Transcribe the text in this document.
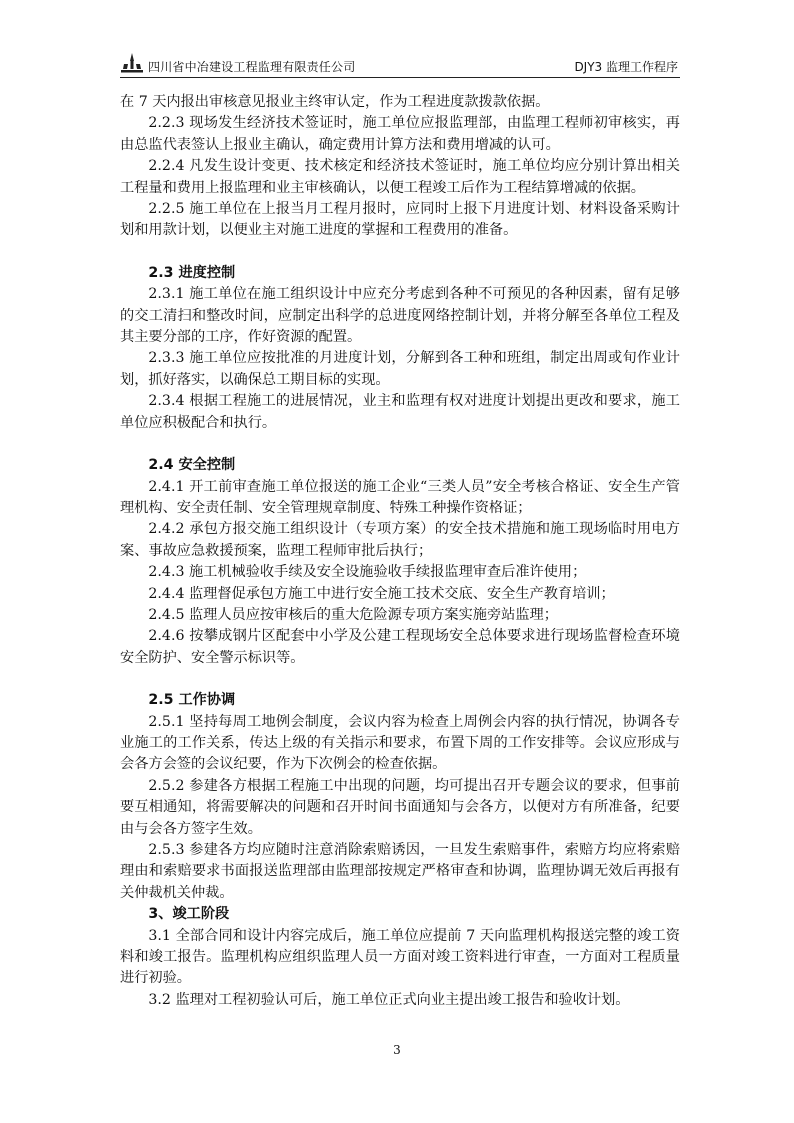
四川省中冶建设工程监理有限责任公司	DJY3 监理工作程序

在 7 天内报出审核意见报业主终审认定，作为工程进度款拨款依据。

2.2.3 现场发生经济技术签证时，施工单位应报监理部，由监理工程师初审核实，再由总监代表签认上报业主确认，确定费用计算方法和费用增减的认可。

2.2.4 凡发生设计变更、技术核定和经济技术签证时，施工单位均应分别计算出相关工程量和费用上报监理和业主审核确认，以便工程竣工后作为工程结算增减的依据。

2.2.5 施工单位在上报当月工程月报时，应同时上报下月进度计划、材料设备采购计划和用款计划，以便业主对施工进度的掌握和工程费用的准备。

2.3 进度控制

2.3.1 施工单位在施工组织设计中应充分考虑到各种不可预见的各种因素，留有足够的交工清扫和整改时间，应制定出科学的总进度网络控制计划，并将分解至各单位工程及其主要分部的工序，作好资源的配置。

2.3.3 施工单位应按批准的月进度计划，分解到各工种和班组，制定出周或旬作业计划，抓好落实，以确保总工期目标的实现。

2.3.4 根据工程施工的进展情况，业主和监理有权对进度计划提出更改和要求，施工单位应积极配合和执行。

2.4 安全控制

2.4.1 开工前审查施工单位报送的施工企业“三类人员”安全考核合格证、安全生产管理机构、安全责任制、安全管理规章制度、特殊工种操作资格证；

2.4.2 承包方报交施工组织设计（专项方案）的安全技术措施和施工现场临时用电方案、事故应急救援预案，监理工程师审批后执行；

2.4.3 施工机械验收手续及安全设施验收手续报监理审查后准许使用；

2.4.4 监理督促承包方施工中进行安全施工技术交底、安全生产教育培训；

2.4.5 监理人员应按审核后的重大危险源专项方案实施旁站监理；

2.4.6 按攀成钢片区配套中小学及公建工程现场安全总体要求进行现场监督检查环境安全防护、安全警示标识等。

2.5 工作协调

2.5.1 坚持每周工地例会制度，会议内容为检查上周例会内容的执行情况，协调各专业施工的工作关系，传达上级的有关指示和要求，布置下周的工作安排等。会议应形成与会各方会签的会议纪要，作为下次例会的检查依据。

2.5.2 参建各方根据工程施工中出现的问题，均可提出召开专题会议的要求，但事前要互相通知，将需要解决的问题和召开时间书面通知与会各方，以便对方有所准备，纪要由与会各方签字生效。

2.5.3 参建各方均应随时注意消除索赔诱因，一旦发生索赔事件，索赔方均应将索赔理由和索赔要求书面报送监理部由监理部按规定严格审查和协调，监理协调无效后再报有关仲裁机关仲裁。

3、竣工阶段

3.1 全部合同和设计内容完成后，施工单位应提前 7 天向监理机构报送完整的竣工资料和竣工报告。监理机构应组织监理人员一方面对竣工资料进行审查，一方面对工程质量进行初验。

3.2 监理对工程初验认可后，施工单位正式向业主提出竣工报告和验收计划。

3
